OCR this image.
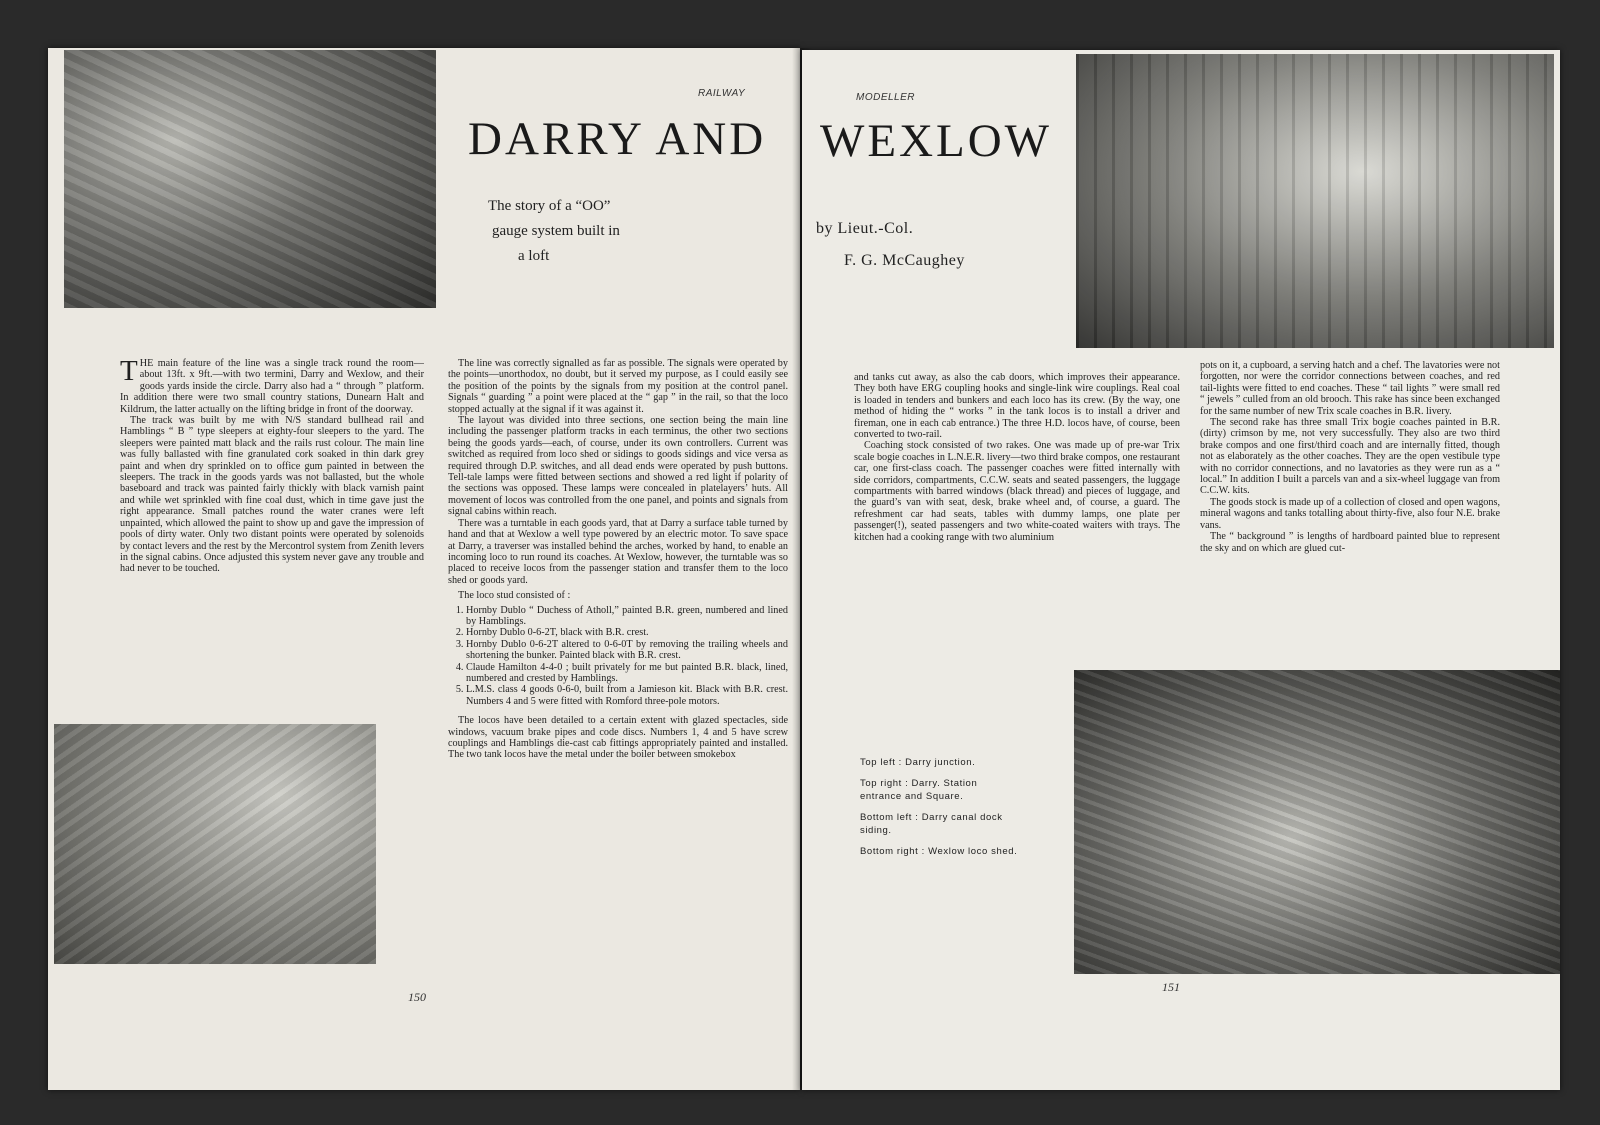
RAILWAY
DARRY AND
The story of a “OO”
gauge system built in
a loft

THE main feature of the line was a single track round the room—about 13ft. x 9ft.—with two termini, Darry and Wexlow, and their goods yards inside the circle. Darry also had a “ through ” platform. In addition there were two small country stations, Dunearn Halt and Kildrum, the latter actually on the lifting bridge in front of the doorway.

The track was built by me with N/S standard bullhead rail and Hamblings “ B ” type sleepers at eighty-four sleepers to the yard. The sleepers were painted matt black and the rails rust colour. The main line was fully ballasted with fine granulated cork soaked in thin dark grey paint and when dry sprinkled on to office gum painted in between the sleepers. The track in the goods yards was not ballasted, but the whole baseboard and track was painted fairly thickly with black varnish paint and while wet sprinkled with fine coal dust, which in time gave just the right appearance. Small patches round the water cranes were left unpainted, which allowed the paint to show up and gave the impression of pools of dirty water. Only two distant points were operated by solenoids by contact levers and the rest by the Mercontrol system from Zenith levers in the signal cabins. Once adjusted this system never gave any trouble and had never to be touched.

The line was correctly signalled as far as possible. The signals were operated by the points—unorthodox, no doubt, but it served my purpose, as I could easily see the position of the points by the signals from my position at the control panel. Signals “ guarding ” a point were placed at the “ gap ” in the rail, so that the loco stopped actually at the signal if it was against it.

The layout was divided into three sections, one section being the main line including the passenger platform tracks in each terminus, the other two sections being the goods yards—each, of course, under its own controllers. Current was switched as required from loco shed or sidings to goods sidings and vice versa as required through D.P. switches, and all dead ends were operated by push buttons. Tell-tale lamps were fitted between sections and showed a red light if polarity of the sections was opposed. These lamps were concealed in platelayers’ huts. All movement of locos was controlled from the one panel, and points and signals from signal cabins within reach.

There was a turntable in each goods yard, that at Darry a surface table turned by hand and that at Wexlow a well type powered by an electric motor. To save space at Darry, a traverser was installed behind the arches, worked by hand, to enable an incoming loco to run round its coaches. At Wexlow, however, the turntable was so placed to receive locos from the passenger station and transfer them to the loco shed or goods yard.

The loco stud consisted of :

1. Hornby Dublo “ Duchess of Atholl,” painted B.R. green, numbered and lined by Hamblings.
2. Hornby Dublo 0-6-2T, black with B.R. crest.
3. Hornby Dublo 0-6-2T altered to 0-6-0T by removing the trailing wheels and shortening the bunker. Painted black with B.R. crest.
4. Claude Hamilton 4-4-0 ; built privately for me but painted B.R. black, lined, numbered and crested by Hamblings.
5. L.M.S. class 4 goods 0-6-0, built from a Jamieson kit. Black with B.R. crest. Numbers 4 and 5 were fitted with Romford three-pole motors.

The locos have been detailed to a certain extent with glazed spectacles, side windows, vacuum brake pipes and code discs. Numbers 1, 4 and 5 have screw couplings and Hamblings die-cast cab fittings appropriately painted and installed. The two tank locos have the metal under the boiler between smokebox

150
MODELLER
WEXLOW
by Lieut.-Col.
F. G. McCaughey

and tanks cut away, as also the cab doors, which improves their appearance. They both have ERG coupling hooks and single-link wire couplings. Real coal is loaded in tenders and bunkers and each loco has its crew. (By the way, one method of hiding the “ works ” in the tank locos is to install a driver and fireman, one in each cab entrance.) The three H.D. locos have, of course, been converted to two-rail.

Coaching stock consisted of two rakes. One was made up of pre-war Trix scale bogie coaches in L.N.E.R. livery—two third brake compos, one restaurant car, one first-class coach. The passenger coaches were fitted internally with side corridors, compartments, C.C.W. seats and seated passengers, the luggage compartments with barred windows (black thread) and pieces of luggage, and the guard’s van with seat, desk, brake wheel and, of course, a guard. The refreshment car had seats, tables with dummy lamps, one plate per passenger(!), seated passengers and two white-coated waiters with trays. The kitchen had a cooking range with two aluminium

pots on it, a cupboard, a serving hatch and a chef. The lavatories were not forgotten, nor were the corridor connections between coaches, and red tail-lights were fitted to end coaches. These “ tail lights ” were small red “ jewels ” culled from an old brooch. This rake has since been exchanged for the same number of new Trix scale coaches in B.R. livery.

The second rake has three small Trix bogie coaches painted in B.R. (dirty) crimson by me, not very successfully. They also are two third brake compos and one first/third coach and are internally fitted, though not as elaborately as the other coaches. They are the open vestibule type with no corridor connections, and no lavatories as they were run as a “ local.” In addition I built a parcels van and a six-wheel luggage van from C.C.W. kits.

The goods stock is made up of a collection of closed and open wagons, mineral wagons and tanks totalling about thirty-five, also four N.E. brake vans.

The “ background ” is lengths of hardboard painted blue to represent the sky and on which are glued cut-

Top left : Darry junction.
Top right : Darry. Station entrance and Square.
Bottom left : Darry canal dock siding.
Bottom right : Wexlow loco shed.
151
